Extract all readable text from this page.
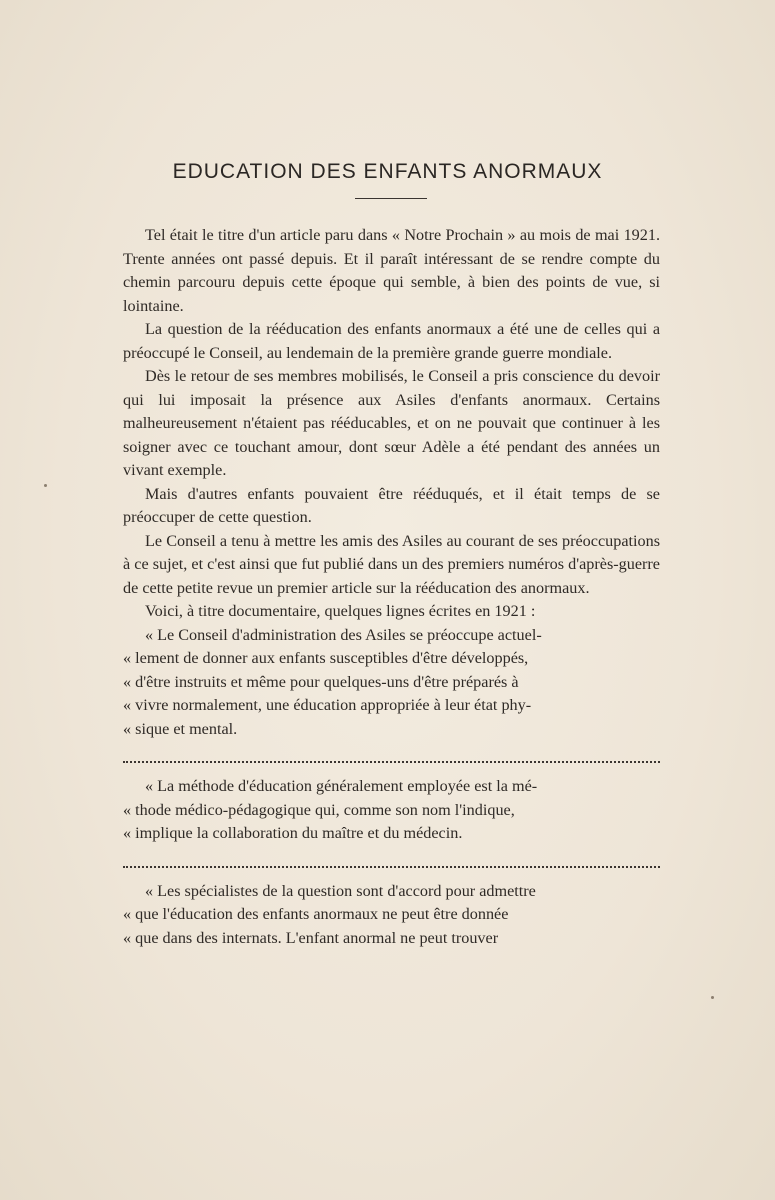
EDUCATION DES ENFANTS ANORMAUX

Tel était le titre d'un article paru dans « Notre Prochain » au mois de mai 1921. Trente années ont passé depuis. Et il paraît intéressant de se rendre compte du chemin parcouru depuis cette époque qui semble, à bien des points de vue, si lointaine.

La question de la rééducation des enfants anormaux a été une de celles qui a préoccupé le Conseil, au lendemain de la première grande guerre mondiale.

Dès le retour de ses membres mobilisés, le Conseil a pris conscience du devoir qui lui imposait la présence aux Asiles d'enfants anormaux. Certains malheureusement n'étaient pas rééducables, et on ne pouvait que continuer à les soigner avec ce touchant amour, dont sœur Adèle a été pendant des années un vivant exemple.

Mais d'autres enfants pouvaient être rééduqués, et il était temps de se préoccuper de cette question.

Le Conseil a tenu à mettre les amis des Asiles au courant de ses préoccupations à ce sujet, et c'est ainsi que fut publié dans un des premiers numéros d'après-guerre de cette petite revue un premier article sur la rééducation des anormaux.

Voici, à titre documentaire, quelques lignes écrites en 1921 :

« Le Conseil d'administration des Asiles se préoccupe actuel-

« lement de donner aux enfants susceptibles d'être développés,

« d'être instruits et même pour quelques-uns d'être préparés à

« vivre normalement, une éducation appropriée à leur état phy-

« sique et mental.

« La méthode d'éducation généralement employée est la mé-

« thode médico-pédagogique qui, comme son nom l'indique,

« implique la collaboration du maître et du médecin.

« Les spécialistes de la question sont d'accord pour admettre

« que l'éducation des enfants anormaux ne peut être donnée

« que dans des internats. L'enfant anormal ne peut trouver
